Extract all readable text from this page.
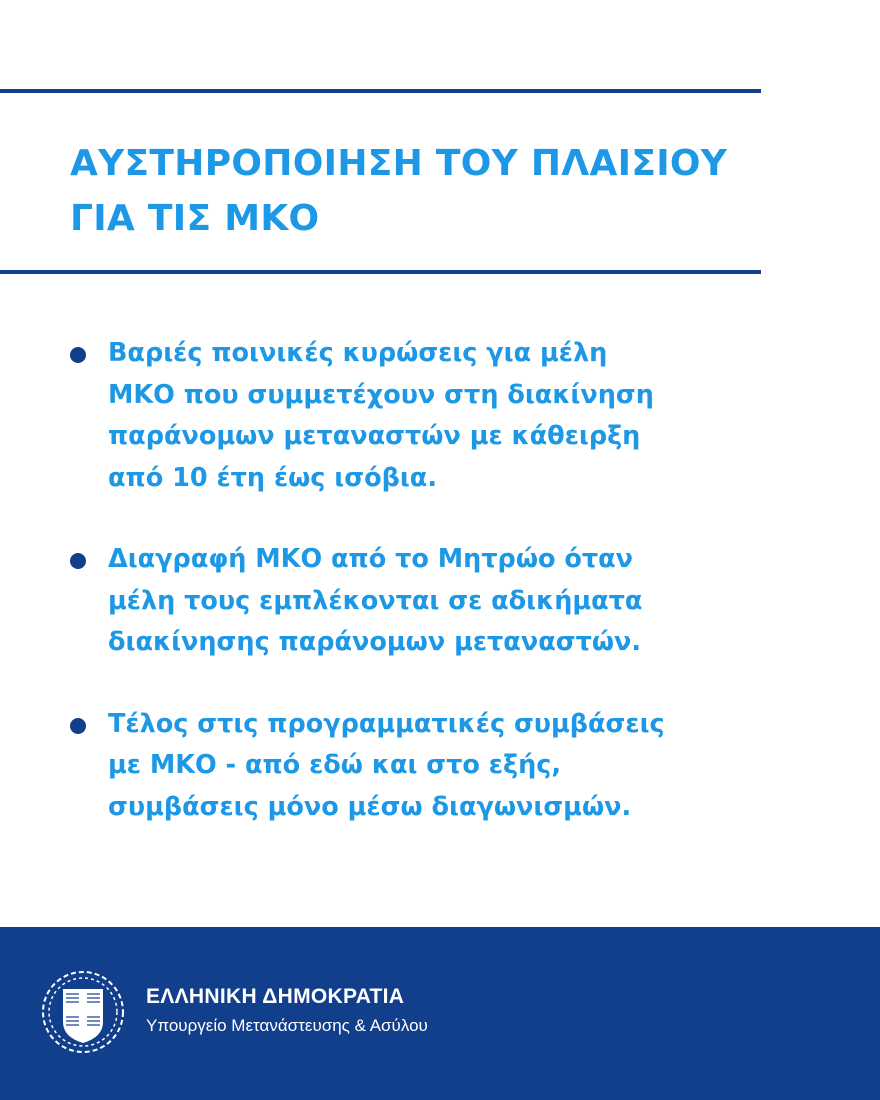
ΑΥΣΤΗΡΟΠΟΙΗΣΗ ΤΟΥ ΠΛΑΙΣΙΟΥ
ΓΙΑ ΤΙΣ ΜΚΟ
Βαριές ποινικές κυρώσεις για μέλη
ΜΚΟ που συμμετέχουν στη διακίνηση
παράνομων μεταναστών με κάθειρξη
από 10 έτη έως ισόβια.
Διαγραφή ΜΚΟ από το Μητρώο όταν
μέλη τους εμπλέκονται σε αδικήματα
διακίνησης παράνομων μεταναστών.
Τέλος στις προγραμματικές συμβάσεις
με ΜΚΟ - από εδώ και στο εξής,
συμβάσεις μόνο μέσω διαγωνισμών.
ΕΛΛΗΝΙΚΗ ΔΗΜΟΚΡΑΤΙΑ
Υπουργείο Μετανάστευσης & Ασύλου
